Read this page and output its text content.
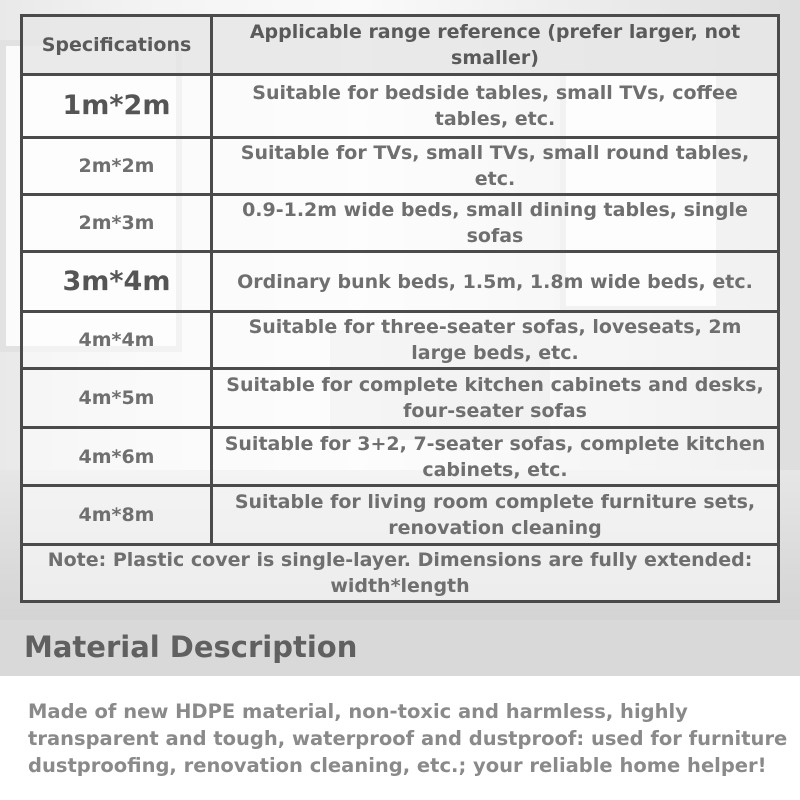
Specifications	Applicable range reference (prefer larger, not smaller)
1m*2m	Suitable for bedside tables, small TVs, coffee tables, etc.
2m*2m	Suitable for TVs, small TVs, small round tables, etc.
2m*3m	0.9-1.2m wide beds, small dining tables, single sofas
3m*4m	Ordinary bunk beds, 1.5m, 1.8m wide beds, etc.
4m*4m	Suitable for three-seater sofas, loveseats, 2m large beds, etc.
4m*5m	Suitable for complete kitchen cabinets and desks, four-seater sofas
4m*6m	Suitable for 3+2, 7-seater sofas, complete kitchen cabinets, etc.
4m*8m	Suitable for living room complete furniture sets, renovation cleaning
Note: Plastic cover is single-layer. Dimensions are fully extended: width*length	
Material Description

Made of new HDPE material, non-toxic and harmless, highly transparent and tough, waterproof and dustproof: used for furniture dustproofing, renovation cleaning, etc.; your reliable home helper!
